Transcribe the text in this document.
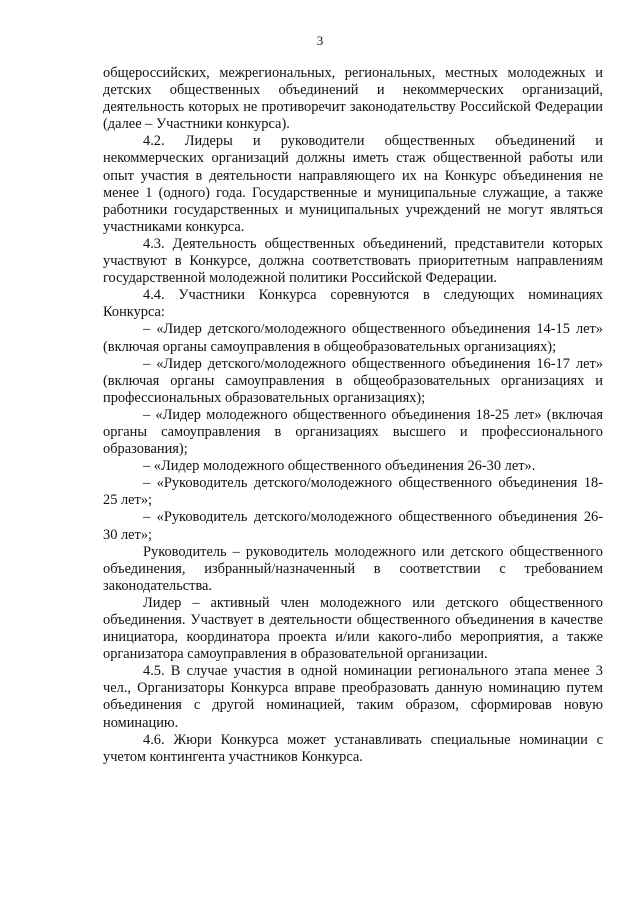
3

общероссийских, межрегиональных, региональных, местных молодежных и детских общественных объединений и некоммерческих организаций, деятельность которых не противоречит законодательству Российской Федерации (далее – Участники конкурса).

4.2. Лидеры и руководители общественных объединений и некоммерческих организаций должны иметь стаж общественной работы или опыт участия в деятельности направляющего их на Конкурс объединения не менее 1 (одного) года. Государственные и муниципальные служащие, а также работники государственных и муниципальных учреждений не могут являться участниками конкурса.

4.3. Деятельность общественных объединений, представители которых участвуют в Конкурсе, должна соответствовать приоритетным направлениям государственной молодежной политики Российской Федерации.

4.4. Участники Конкурса соревнуются в следующих номинациях Конкурса:

– «Лидер детского/молодежного общественного объединения 14-15 лет» (включая органы самоуправления в общеобразовательных организациях);

– «Лидер детского/молодежного общественного объединения 16-17 лет» (включая органы самоуправления в общеобразовательных организациях и профессиональных образовательных организациях);

– «Лидер молодежного общественного объединения 18-25 лет» (включая органы самоуправления в организациях высшего и профессионального образования);

– «Лидер молодежного общественного объединения 26-30 лет».

– «Руководитель детского/молодежного общественного объединения 18-25 лет»;

– «Руководитель детского/молодежного общественного объединения 26-30 лет»;

Руководитель – руководитель молодежного или детского общественного объединения, избранный/назначенный в соответствии с требованием законодательства.

Лидер – активный член молодежного или детского общественного объединения. Участвует в деятельности общественного объединения в качестве инициатора, координатора проекта и/или какого-либо мероприятия, а также организатора самоуправления в образовательной организации.

4.5. В случае участия в одной номинации регионального этапа менее 3 чел., Организаторы Конкурса вправе преобразовать данную номинацию путем объединения с другой номинацией, таким образом, сформировав новую номинацию.

4.6. Жюри Конкурса может устанавливать специальные номинации с учетом контингента участников Конкурса.
